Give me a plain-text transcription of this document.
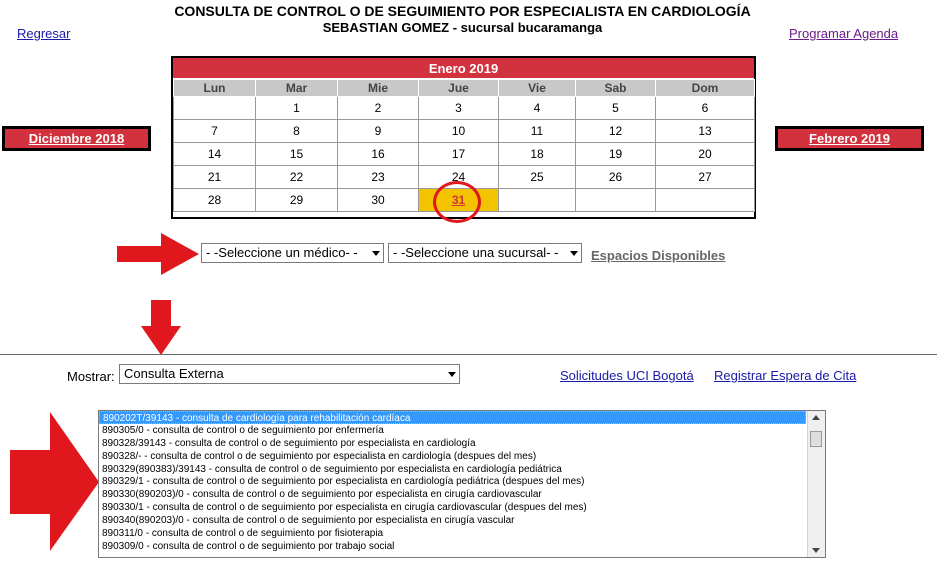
CONSULTA DE CONTROL O DE SEGUIMIENTO POR ESPECIALISTA EN CARDIOLOGÍA
SEBASTIAN GOMEZ - sucursal bucaramanga
Regresar	Programar Agenda
Diciembre 2018	Febrero 2019
Enero 2019
Lun	Mar	Mie	Jue	Vie	Sab	Dom
	1	2	3	4	5	6
7	8	9	10	11	12	13
14	15	16	17	18	19	20
21	22	23	24	25	26	27
28	29	30	31			
- -Seleccione un médico- -	- -Seleccione una sucursal- -	Espacios Disponibles
Mostrar: Consulta Externa	Solicitudes UCI Bogotá Registrar Espera de Cita
890202T/39143 - consulta de cardiología para rehabilitación cardíaca
890305/0 - consulta de control o de seguimiento por enfermería
890328/39143 - consulta de control o de seguimiento por especialista en cardiología
890328/- - consulta de control o de seguimiento por especialista en cardiología (despues del mes)
890329(890383)/39143 - consulta de control o de seguimiento por especialista en cardiología pediátrica
890329/1 - consulta de control o de seguimiento por especialista en cardiología pediátrica (despues del mes)
890330(890203)/0 - consulta de control o de seguimiento por especialista en cirugía cardiovascular
890330/1 - consulta de control o de seguimiento por especialista en cirugía cardiovascular (despues del mes)
890340(890203)/0 - consulta de control o de seguimiento por especialista en cirugía vascular
890311/0 - consulta de control o de seguimiento por fisioterapia
890309/0 - consulta de control o de seguimiento por trabajo social
